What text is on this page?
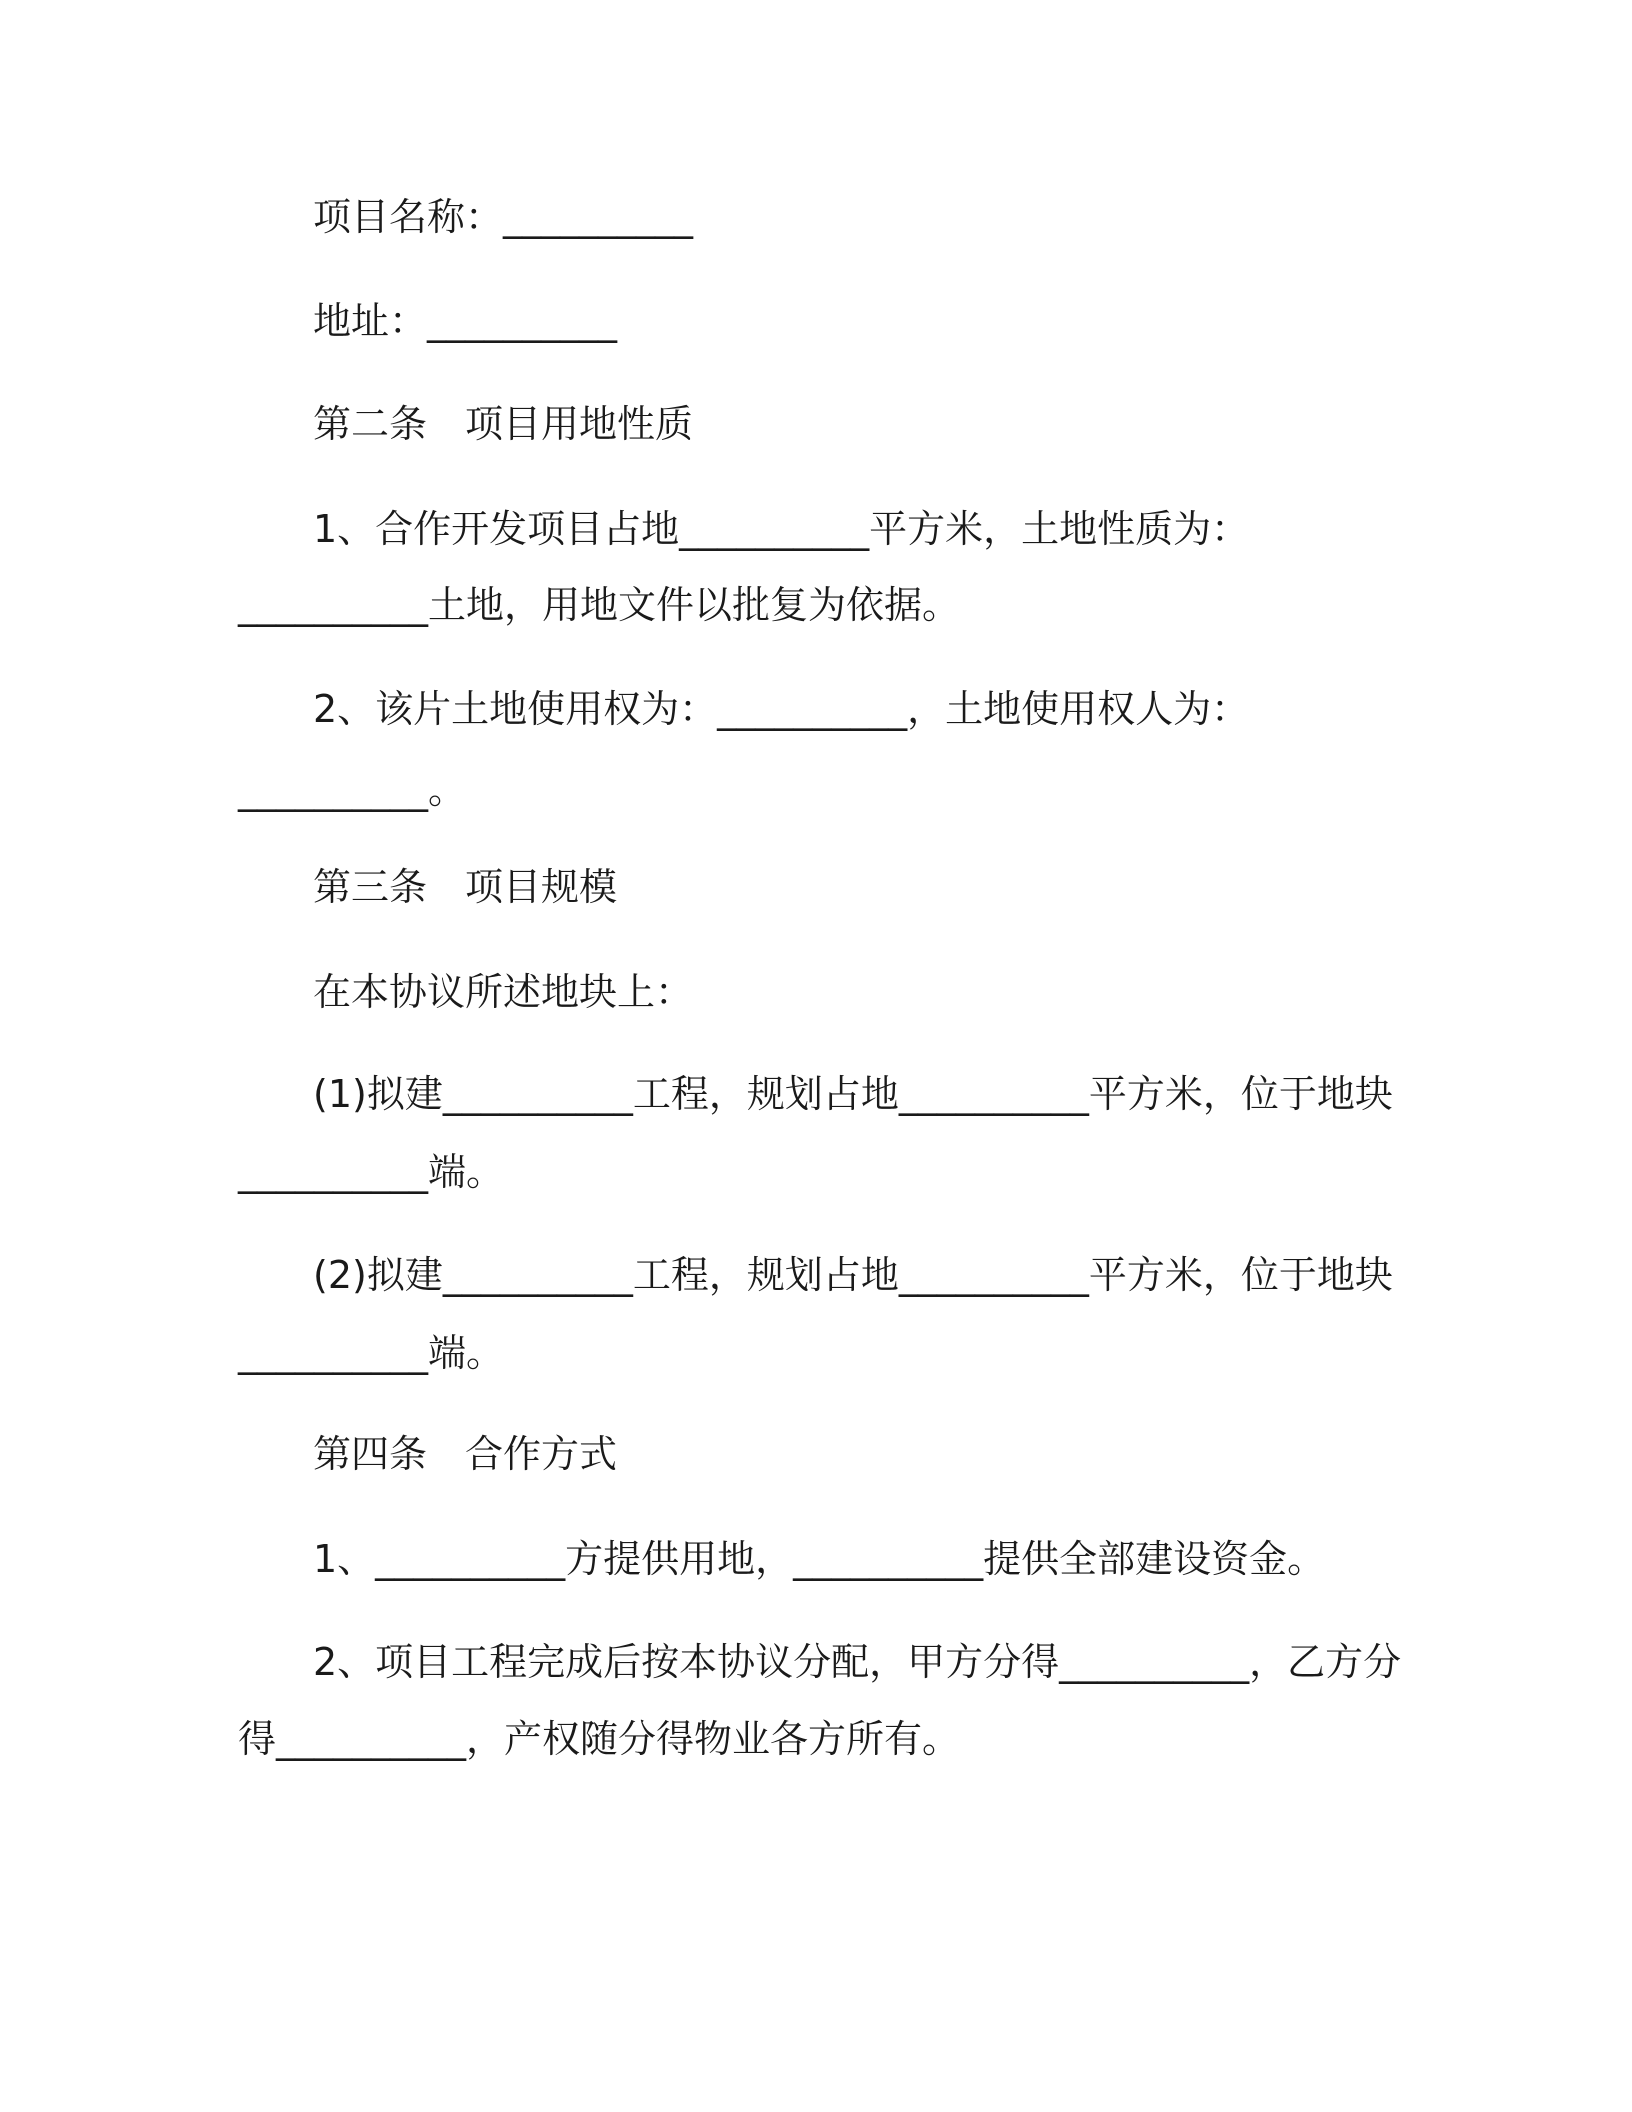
项目名称：__________
地址：__________
第二条　项目用地性质
1、合作开发项目占地__________平方米，土地性质为：
__________土地，用地文件以批复为依据。
2、该片土地使用权为：__________，土地使用权人为：
__________。
第三条　项目规模
在本协议所述地块上：
(1)拟建__________工程，规划占地__________平方米，位于地块
__________端。
(2)拟建__________工程，规划占地__________平方米，位于地块
__________端。
第四条　合作方式
1、__________方提供用地，__________提供全部建设资金。
2、项目工程完成后按本协议分配，甲方分得__________，乙方分
得__________，产权随分得物业各方所有。
